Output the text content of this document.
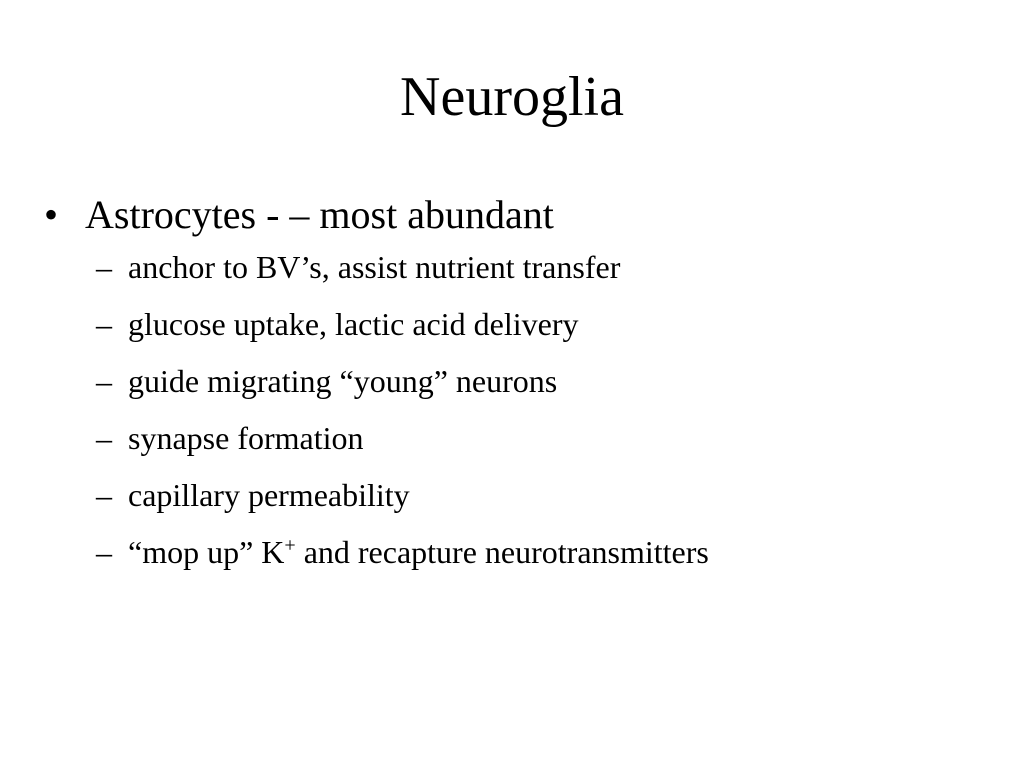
Neuroglia
• Astrocytes - – most abundant
– anchor to BV’s, assist nutrient transfer
– glucose uptake, lactic acid delivery
– guide migrating “young” neurons
– synapse formation
– capillary permeability
– “mop up” K+ and recapture neurotransmitters
